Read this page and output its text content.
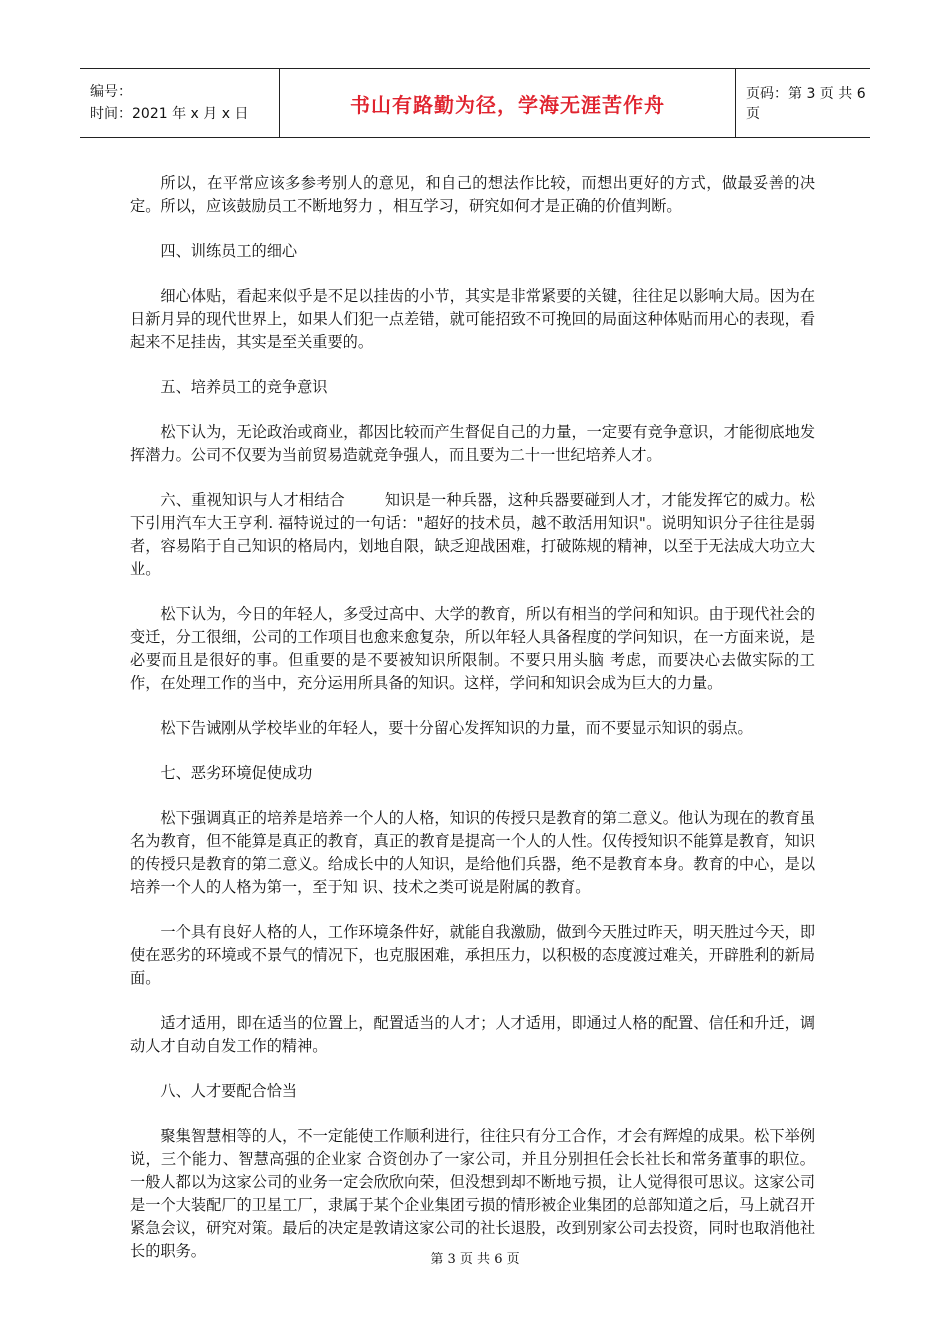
编号：
时间：2021 年 x 月 x 日	书山有路勤为径，学海无涯苦作舟	页码：第 3 页 共 6 页

所以，在平常应该多参考别人的意见，和自己的想法作比较，而想出更好的方式，做最妥善的决定。所以，应该鼓励员工不断地努力 ，相互学习，研究如何才是正确的价值判断。

四、训练员工的细心

细心体贴，看起来似乎是不足以挂齿的小节，其实是非常紧要的关键，往往足以影响大局。因为在日新月异的现代世界上，如果人们犯一点差错，就可能招致不可挽回的局面这种体贴而用心的表现，看起来不足挂齿，其实是至关重要的。

五、培养员工的竞争意识

松下认为，无论政治或商业，都因比较而产生督促自己的力量，一定要有竞争意识，才能彻底地发挥潜力。公司不仅要为当前贸易造就竞争强人，而且要为二十一世纪培养人才。

六、重视知识与人才相结合        知识是一种兵器，这种兵器要碰到人才，才能发挥它的威力。松下引用汽车大王亨利. 福特说过的一句话："超好的技术员，越不敢活用知识"。说明知识分子往往是弱者，容易陷于自己知识的格局内，划地自限，缺乏迎战困难，打破陈规的精神，以至于无法成大功立大业。

松下认为，今日的年轻人，多受过高中、大学的教育，所以有相当的学问和知识。由于现代社会的变迁，分工很细，公司的工作项目也愈来愈复杂，所以年轻人具备程度的学问知识，在一方面来说，是必要而且是很好的事。但重要的是不要被知识所限制。不要只用头脑 考虑，而要决心去做实际的工作，在处理工作的当中，充分运用所具备的知识。这样，学问和知识会成为巨大的力量。

松下告诫刚从学校毕业的年轻人，要十分留心发挥知识的力量，而不要显示知识的弱点。

七、恶劣环境促使成功

松下强调真正的培养是培养一个人的人格，知识的传授只是教育的第二意义。他认为现在的教育虽名为教育，但不能算是真正的教育，真正的教育是提高一个人的人性。仅传授知识不能算是教育，知识的传授只是教育的第二意义。给成长中的人知识，是给他们兵器，绝不是教育本身。教育的中心，是以培养一个人的人格为第一，至于知 识、技术之类可说是附属的教育。

一个具有良好人格的人，工作环境条件好，就能自我激励，做到今天胜过昨天，明天胜过今天，即使在恶劣的环境或不景气的情况下，也克服困难，承担压力，以积极的态度渡过难关，开辟胜利的新局面。

适才适用，即在适当的位置上，配置适当的人才；人才适用，即通过人格的配置、信任和升迁，调动人才自动自发工作的精神。

八、人才要配合恰当

聚集智慧相等的人，不一定能使工作顺利进行，往往只有分工合作，才会有辉煌的成果。松下举例说，三个能力、智慧高强的企业家 合资创办了一家公司，并且分别担任会长社长和常务董事的职位。一般人都以为这家公司的业务一定会欣欣向荣，但没想到却不断地亏损，让人觉得很可思议。这家公司是一个大装配厂的卫星工厂，隶属于某个企业集团亏损的情形被企业集团的总部知道之后，马上就召开紧急会议，研究对策。最后的决定是敦请这家公司的社长退股，改到别家公司去投资，同时也取消他社长的职务。	第 3 页 共 6 页
